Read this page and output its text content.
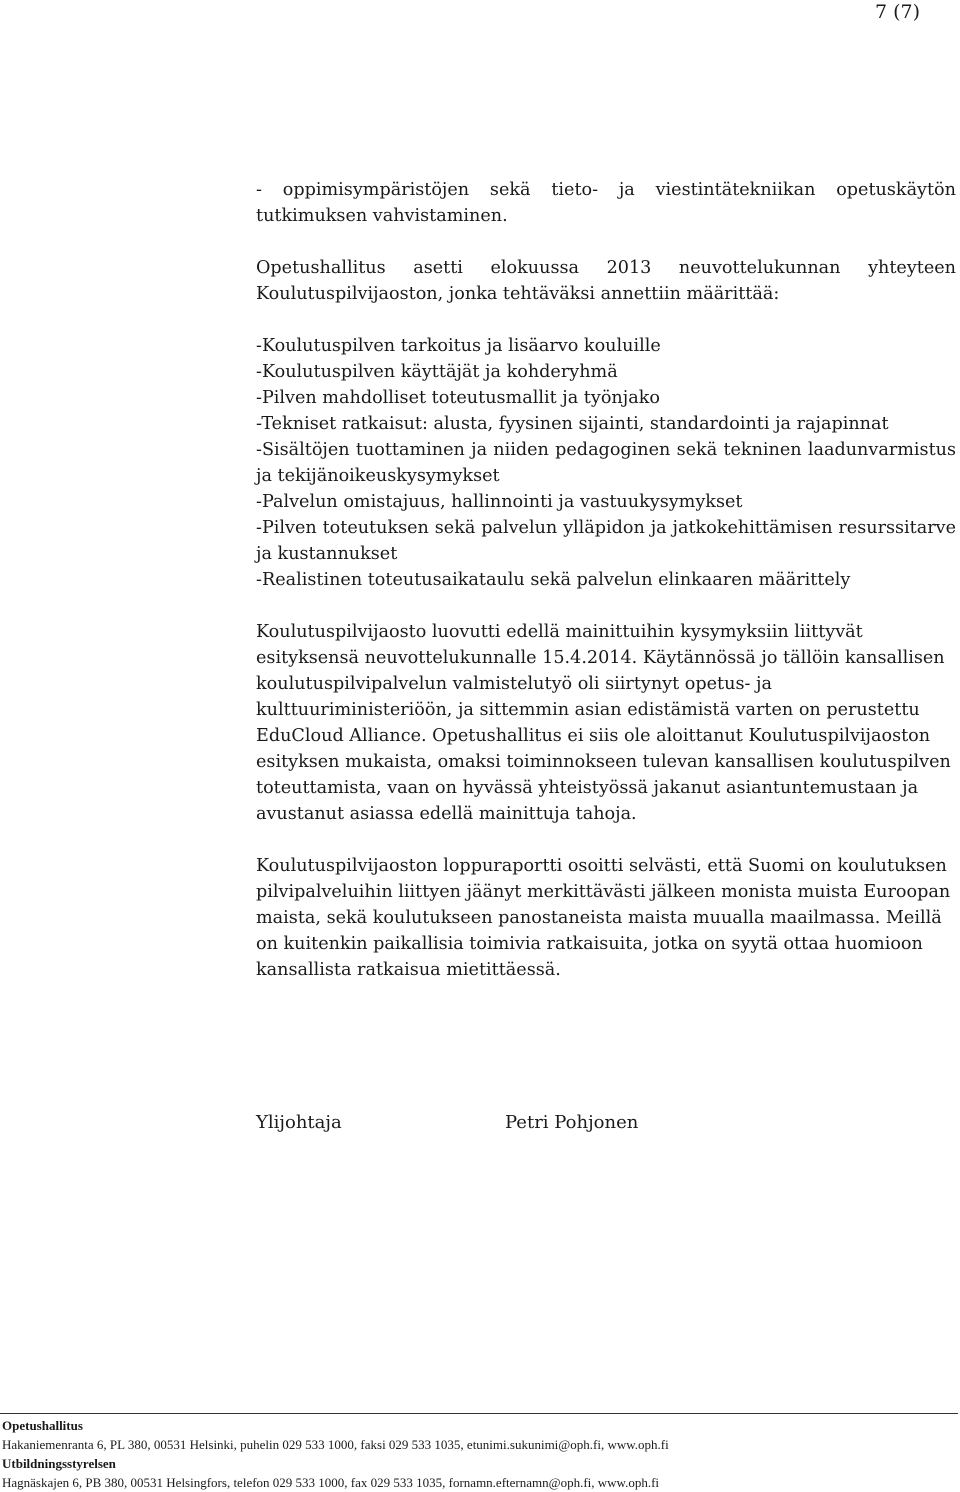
7 (7)
- oppimisympäristöjen sekä tieto- ja viestintätekniikan opetuskäytön tutkimuksen vahvistaminen.
Opetushallitus asetti elokuussa 2013 neuvottelukunnan yhteyteen Koulutuspilvijaoston, jonka tehtäväksi annettiin määrittää:
-Koulutuspilven tarkoitus ja lisäarvo kouluille
-Koulutuspilven käyttäjät ja kohderyhmä
-Pilven mahdolliset toteutusmallit ja työnjako
-Tekniset ratkaisut: alusta, fyysinen sijainti, standardointi ja rajapinnat
-Sisältöjen tuottaminen ja niiden pedagoginen sekä tekninen laadunvarmistus ja tekijänoikeuskysymykset
-Palvelun omistajuus, hallinnointi ja vastuukysymykset
-Pilven toteutuksen sekä palvelun ylläpidon ja jatkokehittämisen resurssitarve ja kustannukset
-Realistinen toteutusaikataulu sekä palvelun elinkaaren määrittely
Koulutuspilvijaosto luovutti edellä mainittuihin kysymyksiin liittyvät esityksensä neuvottelukunnalle 15.4.2014. Käytännössä jo tällöin kansallisen koulutuspilvipalvelun valmistelutyö oli siirtynyt opetus- ja kulttuuriministeriöön, ja sittemmin asian edistämistä varten on perustettu EduCloud Alliance. Opetushallitus ei siis ole aloittanut Koulutuspilvijaoston esityksen mukaista, omaksi toiminnokseen tulevan kansallisen koulutuspilven toteuttamista, vaan on hyvässä yhteistyössä jakanut asiantuntemustaan ja avustanut asiassa edellä mainittuja tahoja.
Koulutuspilvijaoston loppuraportti osoitti selvästi, että Suomi on koulutuksen pilvipalveluihin liittyen jäänyt merkittävästi jälkeen monista muista Euroopan maista, sekä koulutukseen panostaneista maista muualla maailmassa. Meillä on kuitenkin paikallisia toimivia ratkaisuita, jotka on syytä ottaa huomioon kansallista ratkaisua mietittäessä.
Ylijohtaja	Petri Pohjonen
Opetushallitus
Hakaniemenranta 6, PL 380, 00531 Helsinki, puhelin 029 533 1000, faksi 029 533 1035, etunimi.sukunimi@oph.fi, www.oph.fi
Utbildningsstyrelsen
Hagnäskajen 6, PB 380, 00531 Helsingfors, telefon 029 533 1000, fax 029 533 1035, fornamn.efternamn@oph.fi, www.oph.fi
